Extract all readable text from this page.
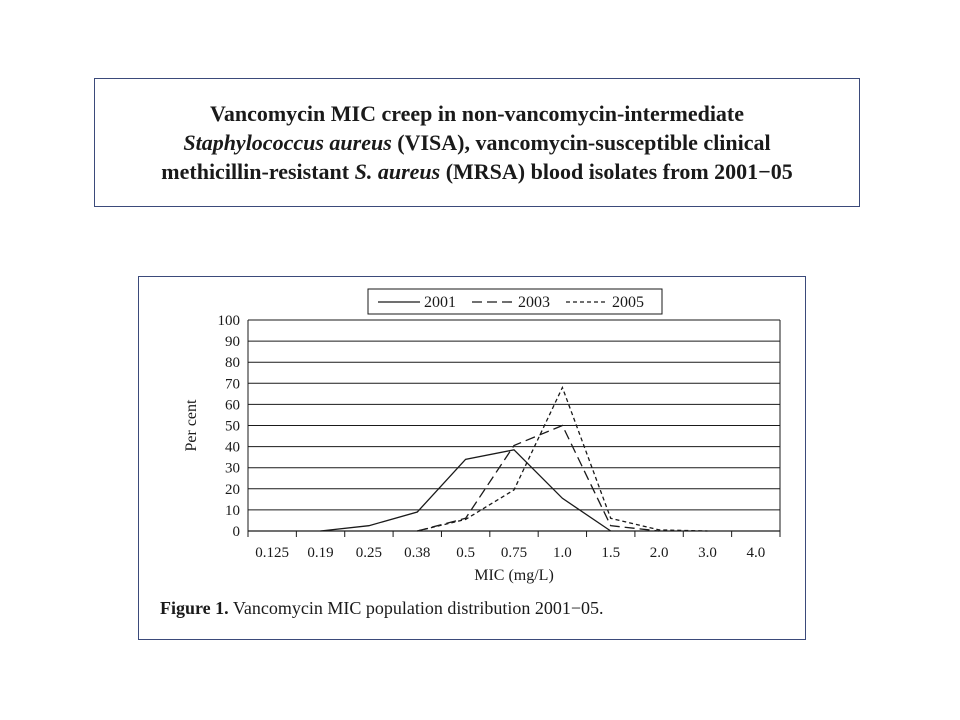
Vancomycin MIC creep in non-vancomycin-intermediate
Staphylococcus aureus (VISA), vancomycin-susceptible clinical
methicillin-resistant S. aureus (MRSA) blood isolates from 2001−05
0
10
20
30
40
50
60
70
80
90
100
0.125 0.19 0.25 0.38 0.5 0.75 1.0 1.5 2.0 3.0 4.0
MIC (mg/L)
Per cent
2001	2003	2005
Figure 1. Vancomycin MIC population distribution 2001−05.
